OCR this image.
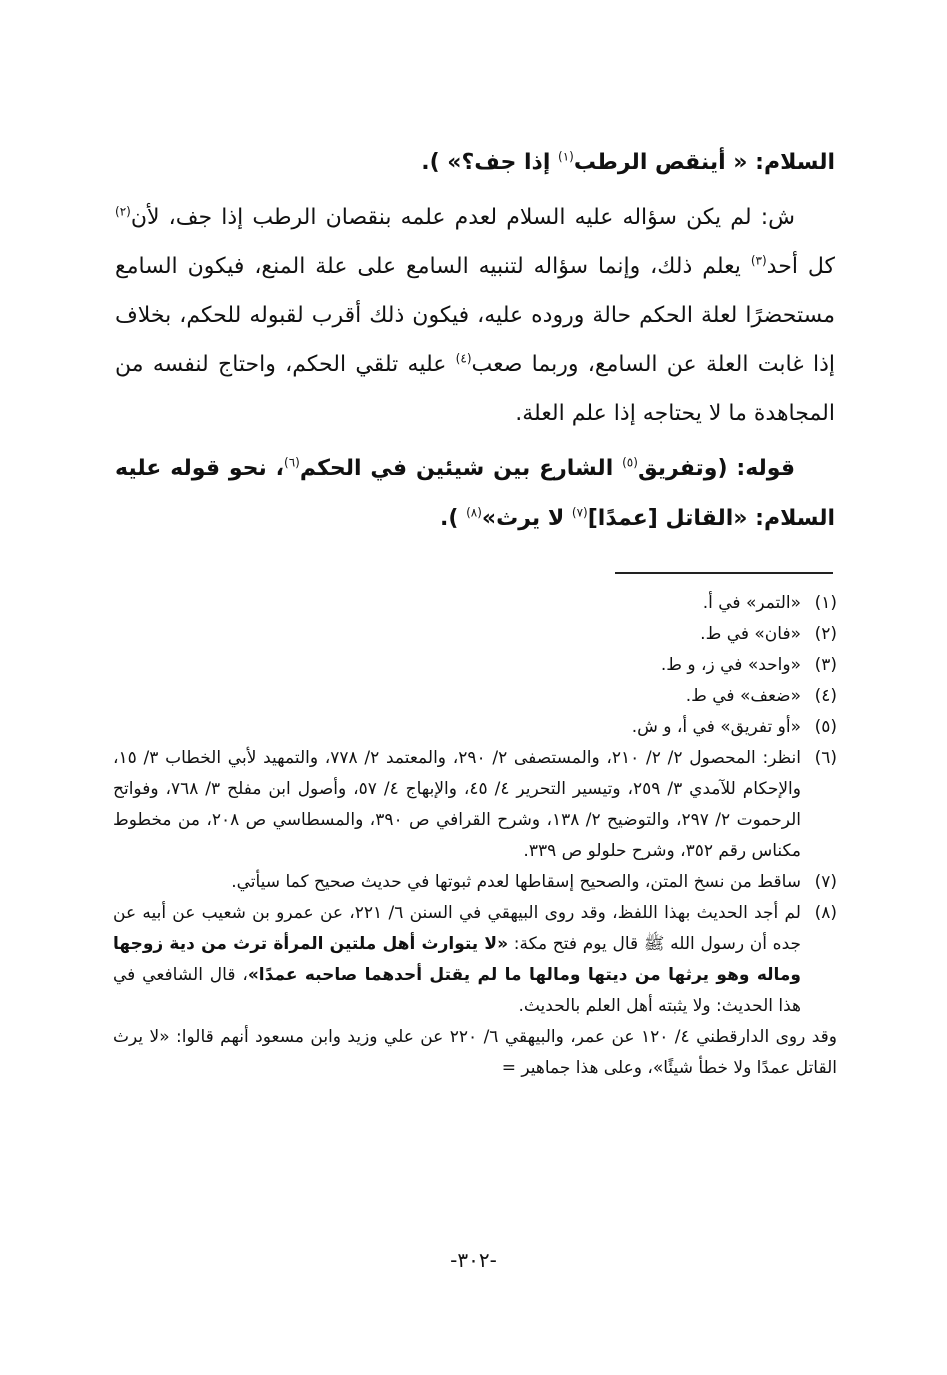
السلام: « أينقص الرطب$^{(١)}$ إذا جف؟» ).

ش: لم يكن سؤاله عليه السلام لعدم علمه بنقصان الرطب إذا جف، لأن$^{(٢)}$ كل أحد$^{(٣)}$ يعلم ذلك، وإنما سؤاله لتنبيه السامع على علة المنع، فيكون السامع مستحضرًا لعلة الحكم حالة وروده عليه، فيكون ذلك أقرب لقبوله للحكم، بخلاف إذا غابت العلة عن السامع، وربما صعب$^{(٤)}$ عليه تلقي الحكم، واحتاج لنفسه من المجاهدة ما لا يحتاجه إذا علم العلة.

قوله: (وتفريق$^{(٥)}$ الشارع بين شيئين في الحكم$^{(٦)}$، نحو قوله عليه السلام: «القاتل [عمدًا]$^{(٧)}$ لا يرث»$^{(٨)}$ ).

(١)
«التمر» في أ.
(٢)
«فان» في ط.
(٣)
«واحد» في ز، و ط.
(٤)
«ضعف» في ط.
(٥)
«أو تفريق» في أ، و ش.
(٦)
انظر: المحصول ٢/ ٢/ ٢١٠، والمستصفى ٢/ ٢٩٠، والمعتمد ٢/ ٧٧٨، والتمهيد لأبي الخطاب ٣/ ١٥، والإحكام للآمدي ٣/ ٢٥٩، وتيسير التحرير ٤/ ٤٥، والإبهاج ٤/ ٥٧، وأصول ابن مفلح ٣/ ٧٦٨، وفواتح الرحموت ٢/ ٢٩٧، والتوضيح ٢/ ١٣٨، وشرح القرافي ص ٣٩٠، والمسطاسي ص ٢٠٨، من مخطوط مكناس رقم ٣٥٢، وشرح حلولو ص ٣٣٩.
(٧)
ساقط من نسخ المتن، والصحيح إسقاطها لعدم ثبوتها في حديث صحيح كما سيأتي.
(٨)
لم أجد الحديث بهذا اللفظ، وقد روى البيهقي في السنن ٦/ ٢٢١، عن عمرو بن شعيب عن أبيه عن جده أن رسول الله ﷺ قال يوم فتح مكة: «لا يتوارث أهل ملتين المرأة ترث من دية زوجها وماله وهو يرثها من ديتها ومالها ما لم يقتل أحدهما صاحبه عمدًا»، قال الشافعي في هذا الحديث: ولا يثبته أهل العلم بالحديث.
وقد روى الدارقطني ٤/ ١٢٠ عن عمر، والبيهقي ٦/ ٢٢٠ عن علي وزيد وابن مسعود أنهم قالوا: «لا يرث القاتل عمدًا ولا خطأ شيئًا»، وعلى هذا جماهير =
-٣٠٢-
